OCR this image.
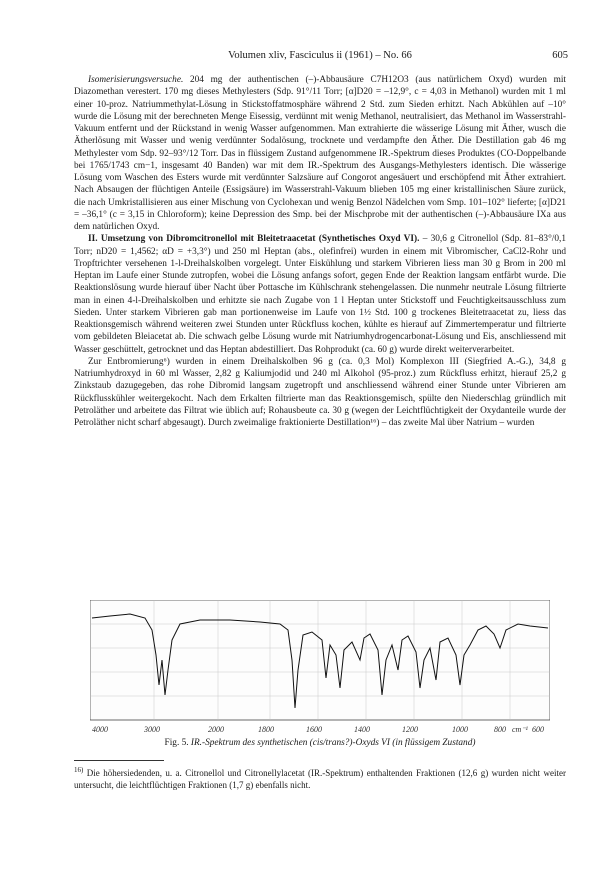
Volumen xliv, Fasciculus ii (1961) – No. 66	605

Isomerisierungsversuche. 204 mg der authentischen (–)-Abbausäure C7H12O3 (aus natürlichem Oxyd) wurden mit Diazomethan verestert. 170 mg dieses Methylesters (Sdp. 91°/11 Torr; [α]D20 = –12,9°, c = 4,03 in Methanol) wurden mit 1 ml einer 10-proz. Natriummethylat-Lösung in Stickstoffatmosphäre während 2 Std. zum Sieden erhitzt. Nach Abkühlen auf –10° wurde die Lösung mit der berechneten Menge Eisessig, verdünnt mit wenig Methanol, neutralisiert, das Methanol im Wasserstrahl-Vakuum entfernt und der Rückstand in wenig Wasser aufgenommen. Man extrahierte die wässerige Lösung mit Äther, wusch die Ätherlösung mit Wasser und wenig verdünnter Sodalösung, trocknete und verdampfte den Äther. Die Destillation gab 46 mg Methylester vom Sdp. 92–93°/12 Torr. Das in flüssigem Zustand aufgenommene IR.-Spektrum dieses Produktes (CO-Doppelbande bei 1765/1743 cm−1, insgesamt 40 Banden) war mit dem IR.-Spektrum des Ausgangs-Methylesters identisch. Die wässerige Lösung vom Waschen des Esters wurde mit verdünnter Salzsäure auf Congorot angesäuert und erschöpfend mit Äther extrahiert. Nach Absaugen der flüchtigen Anteile (Essigsäure) im Wasserstrahl-Vakuum blieben 105 mg einer kristallinischen Säure zurück, die nach Umkristallisieren aus einer Mischung von Cyclohexan und wenig Benzol Nädelchen vom Smp. 101–102° lieferte; [α]D21 = –36,1° (c = 3,15 in Chloroform); keine Depression des Smp. bei der Mischprobe mit der authentischen (–)-Abbausäure IXa aus dem natürlichen Oxyd.

II. Umsetzung von Dibromcitronellol mit Bleitetraacetat (Synthetisches Oxyd VI). – 30,6 g Citronellol (Sdp. 81–83°/0,1 Torr; nD20 = 1,4562; αD = +3,3°) und 250 ml Heptan (abs., olefinfrei) wurden in einem mit Vibromischer, CaCl2-Rohr und Tropftrichter versehenen 1-l-Dreihalskolben vorgelegt. Unter Eiskühlung und starkem Vibrieren liess man 30 g Brom in 200 ml Heptan im Laufe einer Stunde zutropfen, wobei die Lösung anfangs sofort, gegen Ende der Reaktion langsam entfärbt wurde. Die Reaktionslösung wurde hierauf über Nacht über Pottasche im Kühlschrank stehengelassen. Die nunmehr neutrale Lösung filtrierte man in einen 4-l-Dreihalskolben und erhitzte sie nach Zugabe von 1 l Heptan unter Stickstoff und Feuchtigkeitsausschluss zum Sieden. Unter starkem Vibrieren gab man portionenweise im Laufe von 1½ Std. 100 g trockenes Bleitetraacetat zu, liess das Reaktionsgemisch während weiteren zwei Stunden unter Rückfluss kochen, kühlte es hierauf auf Zimmertemperatur und filtrierte vom gebildeten Bleiacetat ab. Die schwach gelbe Lösung wurde mit Natriumhydrogencarbonat-Lösung und Eis, anschliessend mit Wasser geschüttelt, getrocknet und das Heptan abdestilliert. Das Rohprodukt (ca. 60 g) wurde direkt weiterverarbeitet.

Zur Entbromierung⁶) wurden in einem Dreihalskolben 96 g (ca. 0,3 Mol) Komplexon III (Siegfried A.-G.), 34,8 g Natriumhydroxyd in 60 ml Wasser, 2,82 g Kaliumjodid und 240 ml Alkohol (95-proz.) zum Rückfluss erhitzt, hierauf 25,2 g Zinkstaub dazugegeben, das rohe Dibromid langsam zugetropft und anschliessend während einer Stunde unter Vibrieren am Rückflusskühler weitergekocht. Nach dem Erkalten filtrierte man das Reaktionsgemisch, spülte den Niederschlag gründlich mit Petroläther und arbeitete das Filtrat wie üblich auf; Rohausbeute ca. 30 g (wegen der Leichtflüchtigkeit der Oxydanteile wurde der Petroläther nicht scharf abgesaugt). Durch zweimalige fraktionierte Destillation¹⁶) – das zweite Mal über Natrium – wurden

4000	3000	2000	1800	1600	1400	1200	1000	800 cm⁻¹ 600
Fig. 5. IR.-Spektrum des synthetischen (cis/trans?)-Oxyds VI (in flüssigem Zustand)
$^{16)}$ Die höhersiedenden, u. a. Citronellol und Citronellylacetat (IR.-Spektrum) enthaltenden Fraktionen (12,6 g) wurden nicht weiter untersucht, die leichtflüchtigen Fraktionen (1,7 g) ebenfalls nicht.
